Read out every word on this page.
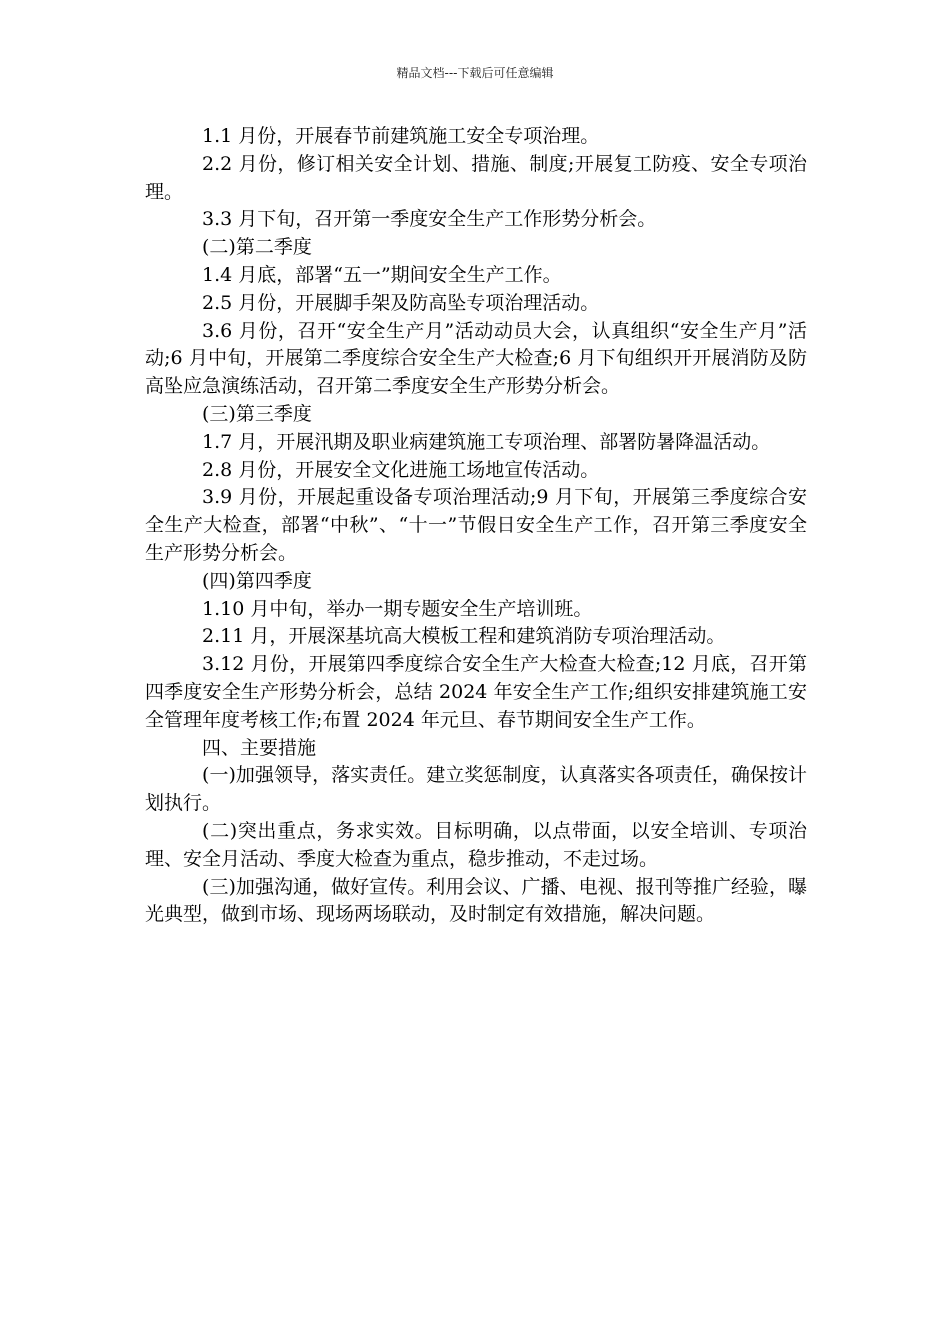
精品文档---下载后可任意编辑

1.1 月份，开展春节前建筑施工安全专项治理。

2.2 月份，修订相关安全计划、措施、制度;开展复工防疫、安全专项治理。

3.3 月下旬，召开第一季度安全生产工作形势分析会。

(二)第二季度

1.4 月底，部署“五一”期间安全生产工作。

2.5 月份，开展脚手架及防高坠专项治理活动。

3.6 月份，召开“安全生产月”活动动员大会，认真组织“安全生产月”活动;6 月中旬，开展第二季度综合安全生产大检查;6 月下旬组织开开展消防及防高坠应急演练活动，召开第二季度安全生产形势分析会。

(三)第三季度

1.7 月，开展汛期及职业病建筑施工专项治理、部署防暑降温活动。

2.8 月份，开展安全文化进施工场地宣传活动。

3.9 月份，开展起重设备专项治理活动;9 月下旬，开展第三季度综合安全生产大检查，部署“中秋”、“十一”节假日安全生产工作，召开第三季度安全生产形势分析会。

(四)第四季度

1.10 月中旬，举办一期专题安全生产培训班。

2.11 月，开展深基坑高大模板工程和建筑消防专项治理活动。

3.12 月份，开展第四季度综合安全生产大检查大检查;12 月底，召开第四季度安全生产形势分析会，总结 2024 年安全生产工作;组织安排建筑施工安全管理年度考核工作;布置 2024 年元旦、春节期间安全生产工作。

四、主要措施

(一)加强领导，落实责任。建立奖惩制度，认真落实各项责任，确保按计划执行。

(二)突出重点，务求实效。目标明确，以点带面，以安全培训、专项治理、安全月活动、季度大检查为重点，稳步推动，不走过场。

(三)加强沟通，做好宣传。利用会议、广播、电视、报刊等推广经验，曝光典型，做到市场、现场两场联动，及时制定有效措施，解决问题。
